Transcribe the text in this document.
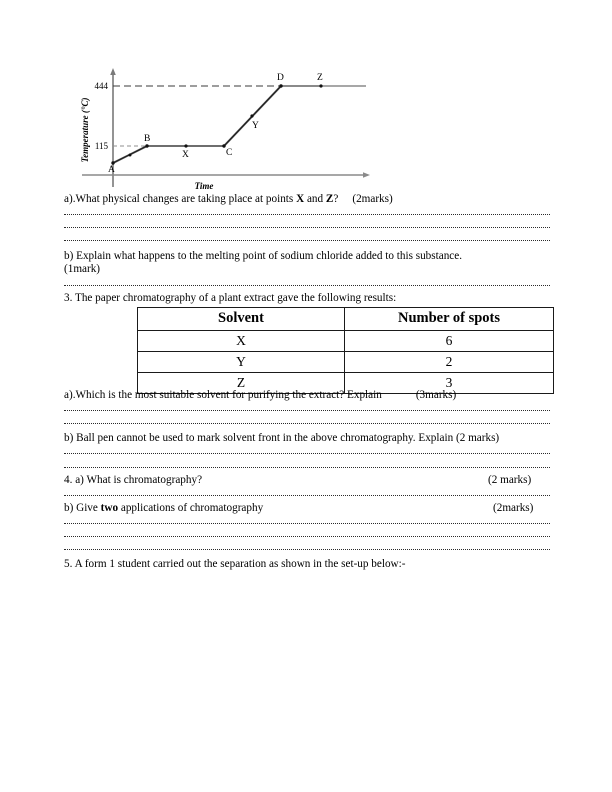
444
115
A
B
X	C
Y
D	Z
Temperature (°C)
Time
a).What physical changes are taking place at points X and Z? (2marks)
b) Explain what happens to the melting point of sodium chloride added to this substance.
(1mark)
3. The paper chromatography of a plant extract gave the following results:
Solvent	Number of spots
X	6
Y	2
Z	3
a).Which is the most suitable solvent for purifying the extract? Explain	(3marks)
b) Ball pen cannot be used to mark solvent front in the above chromatography. Explain (2 marks)
4. a) What is chromatography?	(2 marks)
b) Give two applications of chromatography	(2marks)
5. A form 1 student carried out the separation as shown in the set-up below:-
